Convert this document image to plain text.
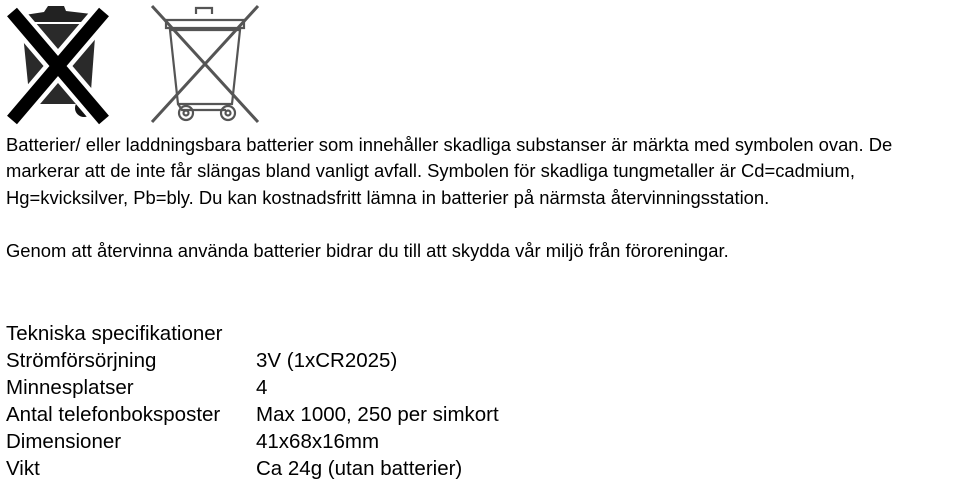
Batterier/ eller laddningsbara batterier som innehåller skadliga substanser är märkta med symbolen ovan. De markerar att de inte får slängas bland vanligt avfall. Symbolen för skadliga tungmetaller är Cd=cadmium, Hg=kvicksilver, Pb=bly. Du kan kostnadsfritt lämna in batterier på närmsta återvinningsstation.

Genom att återvinna använda batterier bidrar du till att skydda vår miljö från föroreningar.

Tekniska specifikationer

Strömförsörjning	3V (1xCR2025)
Minnesplatser	4
Antal telefonboksposter	Max 1000, 250 per simkort
Dimensioner	41x68x16mm
Vikt	Ca 24g (utan batterier)
